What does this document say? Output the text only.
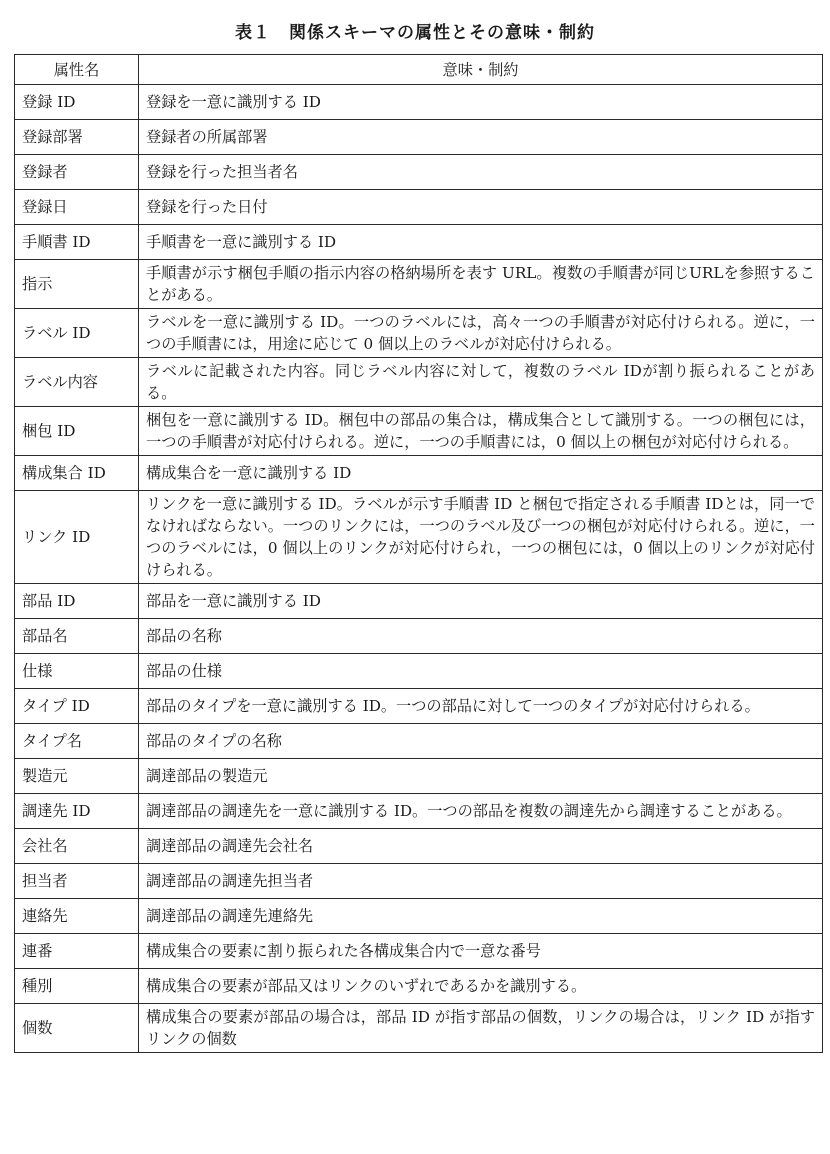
表１　関係スキーマの属性とその意味・制約
属性名	意味・制約
登録 ID	登録を一意に識別する ID
登録部署	登録者の所属部署
登録者	登録を行った担当者名
登録日	登録を行った日付
手順書 ID	手順書を一意に識別する ID
指示	手順書が示す梱包手順の指示内容の格納場所を表す URL。複数の手順書が同じURLを参照することがある。
ラベル ID	ラベルを一意に識別する ID。一つのラベルには，高々一つの手順書が対応付けられる。逆に，一つの手順書には，用途に応じて 0 個以上のラベルが対応付けられる。
ラベル内容	ラベルに記載された内容。同じラベル内容に対して，複数のラベル IDが割り振られることがある。
梱包 ID	梱包を一意に識別する ID。梱包中の部品の集合は，構成集合として識別する。一つの梱包には，一つの手順書が対応付けられる。逆に，一つの手順書には，0 個以上の梱包が対応付けられる。
構成集合 ID	構成集合を一意に識別する ID
リンク ID	リンクを一意に識別する ID。ラベルが示す手順書 ID と梱包で指定される手順書 IDとは，同一でなければならない。一つのリンクには，一つのラベル及び一つの梱包が対応付けられる。逆に，一つのラベルには，0 個以上のリンクが対応付けられ，一つの梱包には，0 個以上のリンクが対応付けられる。
部品 ID	部品を一意に識別する ID
部品名	部品の名称
仕様	部品の仕様
タイプ ID	部品のタイプを一意に識別する ID。一つの部品に対して一つのタイプが対応付けられる。
タイプ名	部品のタイプの名称
製造元	調達部品の製造元
調達先 ID	調達部品の調達先を一意に識別する ID。一つの部品を複数の調達先から調達することがある。
会社名	調達部品の調達先会社名
担当者	調達部品の調達先担当者
連絡先	調達部品の調達先連絡先
連番	構成集合の要素に割り振られた各構成集合内で一意な番号
種別	構成集合の要素が部品又はリンクのいずれであるかを識別する。
個数	構成集合の要素が部品の場合は，部品 ID が指す部品の個数，リンクの場合は，リンク ID が指すリンクの個数
